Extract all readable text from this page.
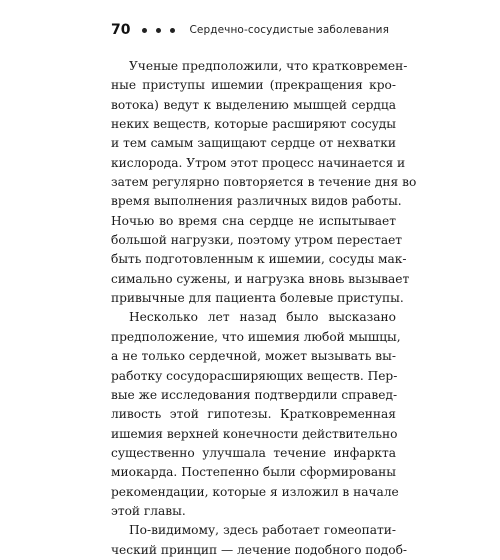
70	Сердечно-сосудистые заболевания
Ученые предположили, что кратковремен-
ные приступы ишемии (прекращения кро-
вотока) ведут к выделению мышцей сердца
неких веществ, которые расширяют сосуды
и тем самым защищают сердце от нехватки
кислорода. Утром этот процесс начинается и
затем регулярно повторяется в течение дня во
время выполнения различных видов работы.
Ночью во время сна сердце не испытывает
большой нагрузки, поэтому утром перестает
быть подготовленным к ишемии, сосуды мак-
симально сужены, и нагрузка вновь вызывает
привычные для пациента болевые приступы.
Несколько лет назад было высказано
предположение, что ишемия любой мышцы,
а не только сердечной, может вызывать вы-
работку сосудорасширяющих веществ. Пер-
вые же исследования подтвердили справед-
ливость этой гипотезы. Кратковременная
ишемия верхней конечности действительно
существенно улучшала течение инфаркта
миокарда. Постепенно были сформированы
рекомендации, которые я изложил в начале
этой главы.
По-видимому, здесь работает гомеопати-
ческий принцип — лечение подобного подоб-
